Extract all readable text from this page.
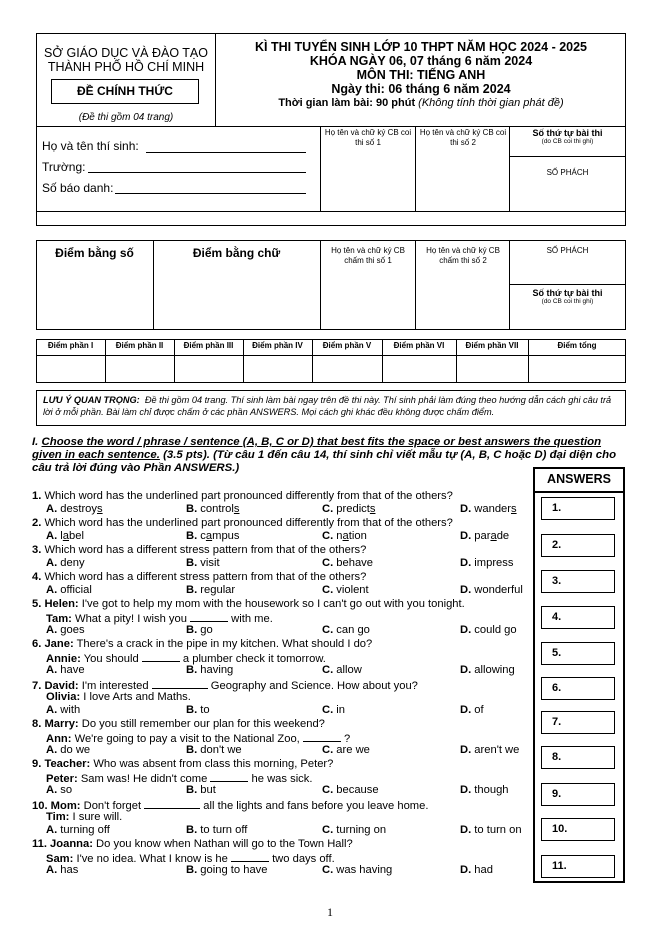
SỞ GIÁO DỤC VÀ ĐÀO TẠO
THÀNH PHỐ HỒ CHÍ MINH
ĐỀ CHÍNH THỨC
(Đề thi gồm 04 trang)
KÌ THI TUYỂN SINH LỚP 10 THPT NĂM HỌC 2024 - 2025
KHÓA NGÀY 06, 07 tháng 6 năm 2024
MÔN THI: TIẾNG ANH
Ngày thi: 06 tháng 6 năm 2024
Thời gian làm bài: 90 phút (Không tính thời gian phát đề)
Họ và tên thí sinh:
Trường:
Số báo danh:
Họ tên và chữ ký CB coi thi số 1
Họ tên và chữ ký CB coi thi số 2
Số thứ tự bài thi
(do CB coi thi ghi)
SỐ PHÁCH
Điểm bằng số	Điểm bằng chữ	Họ tên và chữ ký CB chấm thi số 1
Họ tên và chữ ký CB chấm thi số 2
SỐ PHÁCH
Số thứ tự bài thi
(do CB coi thi ghi)
Điểm phần I	Điểm phần II	Điểm phần III	Điểm phần IV	Điểm phần V	Điểm phần VI	Điểm phần VII	Điểm tổng
LƯU Ý QUAN TRỌNG: Đề thi gồm 04 trang. Thí sinh làm bài ngay trên đề thi này. Thí sinh phải làm đúng theo hướng dẫn cách ghi câu trả lời ở mỗi phần. Bài làm chỉ được chấm ở các phần ANSWERS. Mọi cách ghi khác đều không được chấm điểm.
I. Choose the word / phrase / sentence (A, B, C or D) that best fits the space or best answers the question given in each sentence. (3.5 pts). (Từ câu 1 đến câu 14, thí sinh chỉ viết mẫu tự (A, B, C hoặc D) đại diện cho câu trả lời đúng vào Phần ANSWERS.)
ANSWERS
1.
2.
3.
4.
5.
6.
7.
8.
9.
10.
11.
1. Which word has the underlined part pronounced differently from that of the others?
A. destroys	B. controls	C. predicts	D. wanders
2. Which word has the underlined part pronounced differently from that of the others?
A. label	B. campus	C. nation	D. parade
3. Which word has a different stress pattern from that of the others?
A. deny	B. visit	C. behave	D. impress
4. Which word has a different stress pattern from that of the others?
A. official	B. regular	C. violent	D. wonderful
5. Helen: I've got to help my mom with the housework so I can't go out with you tonight.
Tam: What a pity! I wish you	with me.
A. goes	B. go	C. can go	D. could go
6. Jane: There's a crack in the pipe in my kitchen. What should I do?
Annie: You should	a plumber check it tomorrow.
A. have	B. having	C. allow	D. allowing
7. David: I'm interested	Geography and Science. How about you?
Olivia: I love Arts and Maths.
A. with	B. to	C. in	D. of
8. Marry: Do you still remember our plan for this weekend?
Ann: We're going to pay a visit to the National Zoo,	?
A. do we	B. don't we	C. are we	D. aren't we
9. Teacher: Who was absent from class this morning, Peter?
Peter: Sam was! He didn't come	he was sick.
A. so	B. but	C. because	D. though
10. Mom: Don't forget	all the lights and fans before you leave home.
Tim: I sure will.
A. turning off	B. to turn off	C. turning on	D. to turn on
11. Joanna: Do you know when Nathan will go to the Town Hall?
Sam: I've no idea. What I know is he	two days off.
A. has	B. going to have	C. was having	D. had
1
